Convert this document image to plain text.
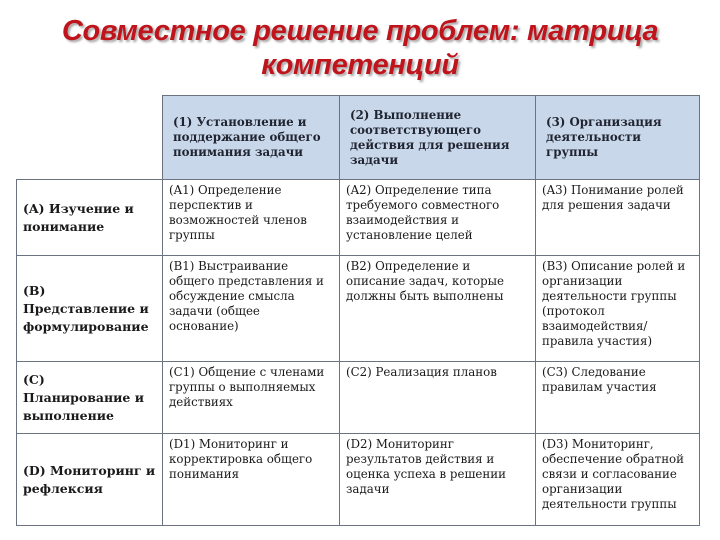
Совместное решение проблем: матрица
компетенций
	(1) Установление и поддержание общего понимания задачи	(2) Выполнение соответствующего действия для решения задачи	(3) Организация деятельности группы
(A) Изучение и понимание	(A1) Определение перспектив и возможностей членов группы	(A2) Определение типа требуемого совместного взаимодействия и установление целей	(A3) Понимание ролей для решения задачи
(B) Представление и формулирование	(B1) Выстраивание общего представления и обсуждение смысла задачи (общее основание)	(B2) Определение и описание задач, которые должны быть выполнены	(B3) Описание ролей и организации деятельности группы (протокол взаимодействия/правила участия)
(C) Планирование и выполнение	(C1) Общение с членами группы о выполняемых действиях	(C2) Реализация планов	(C3) Следование правилам участия
(D) Мониторинг и рефлексия	(D1) Мониторинг и корректировка общего понимания	(D2) Мониторинг результатов действия и оценка успеха в решении задачи	(D3) Мониторинг, обеспечение обратной связи и согласование организации деятельности группы
